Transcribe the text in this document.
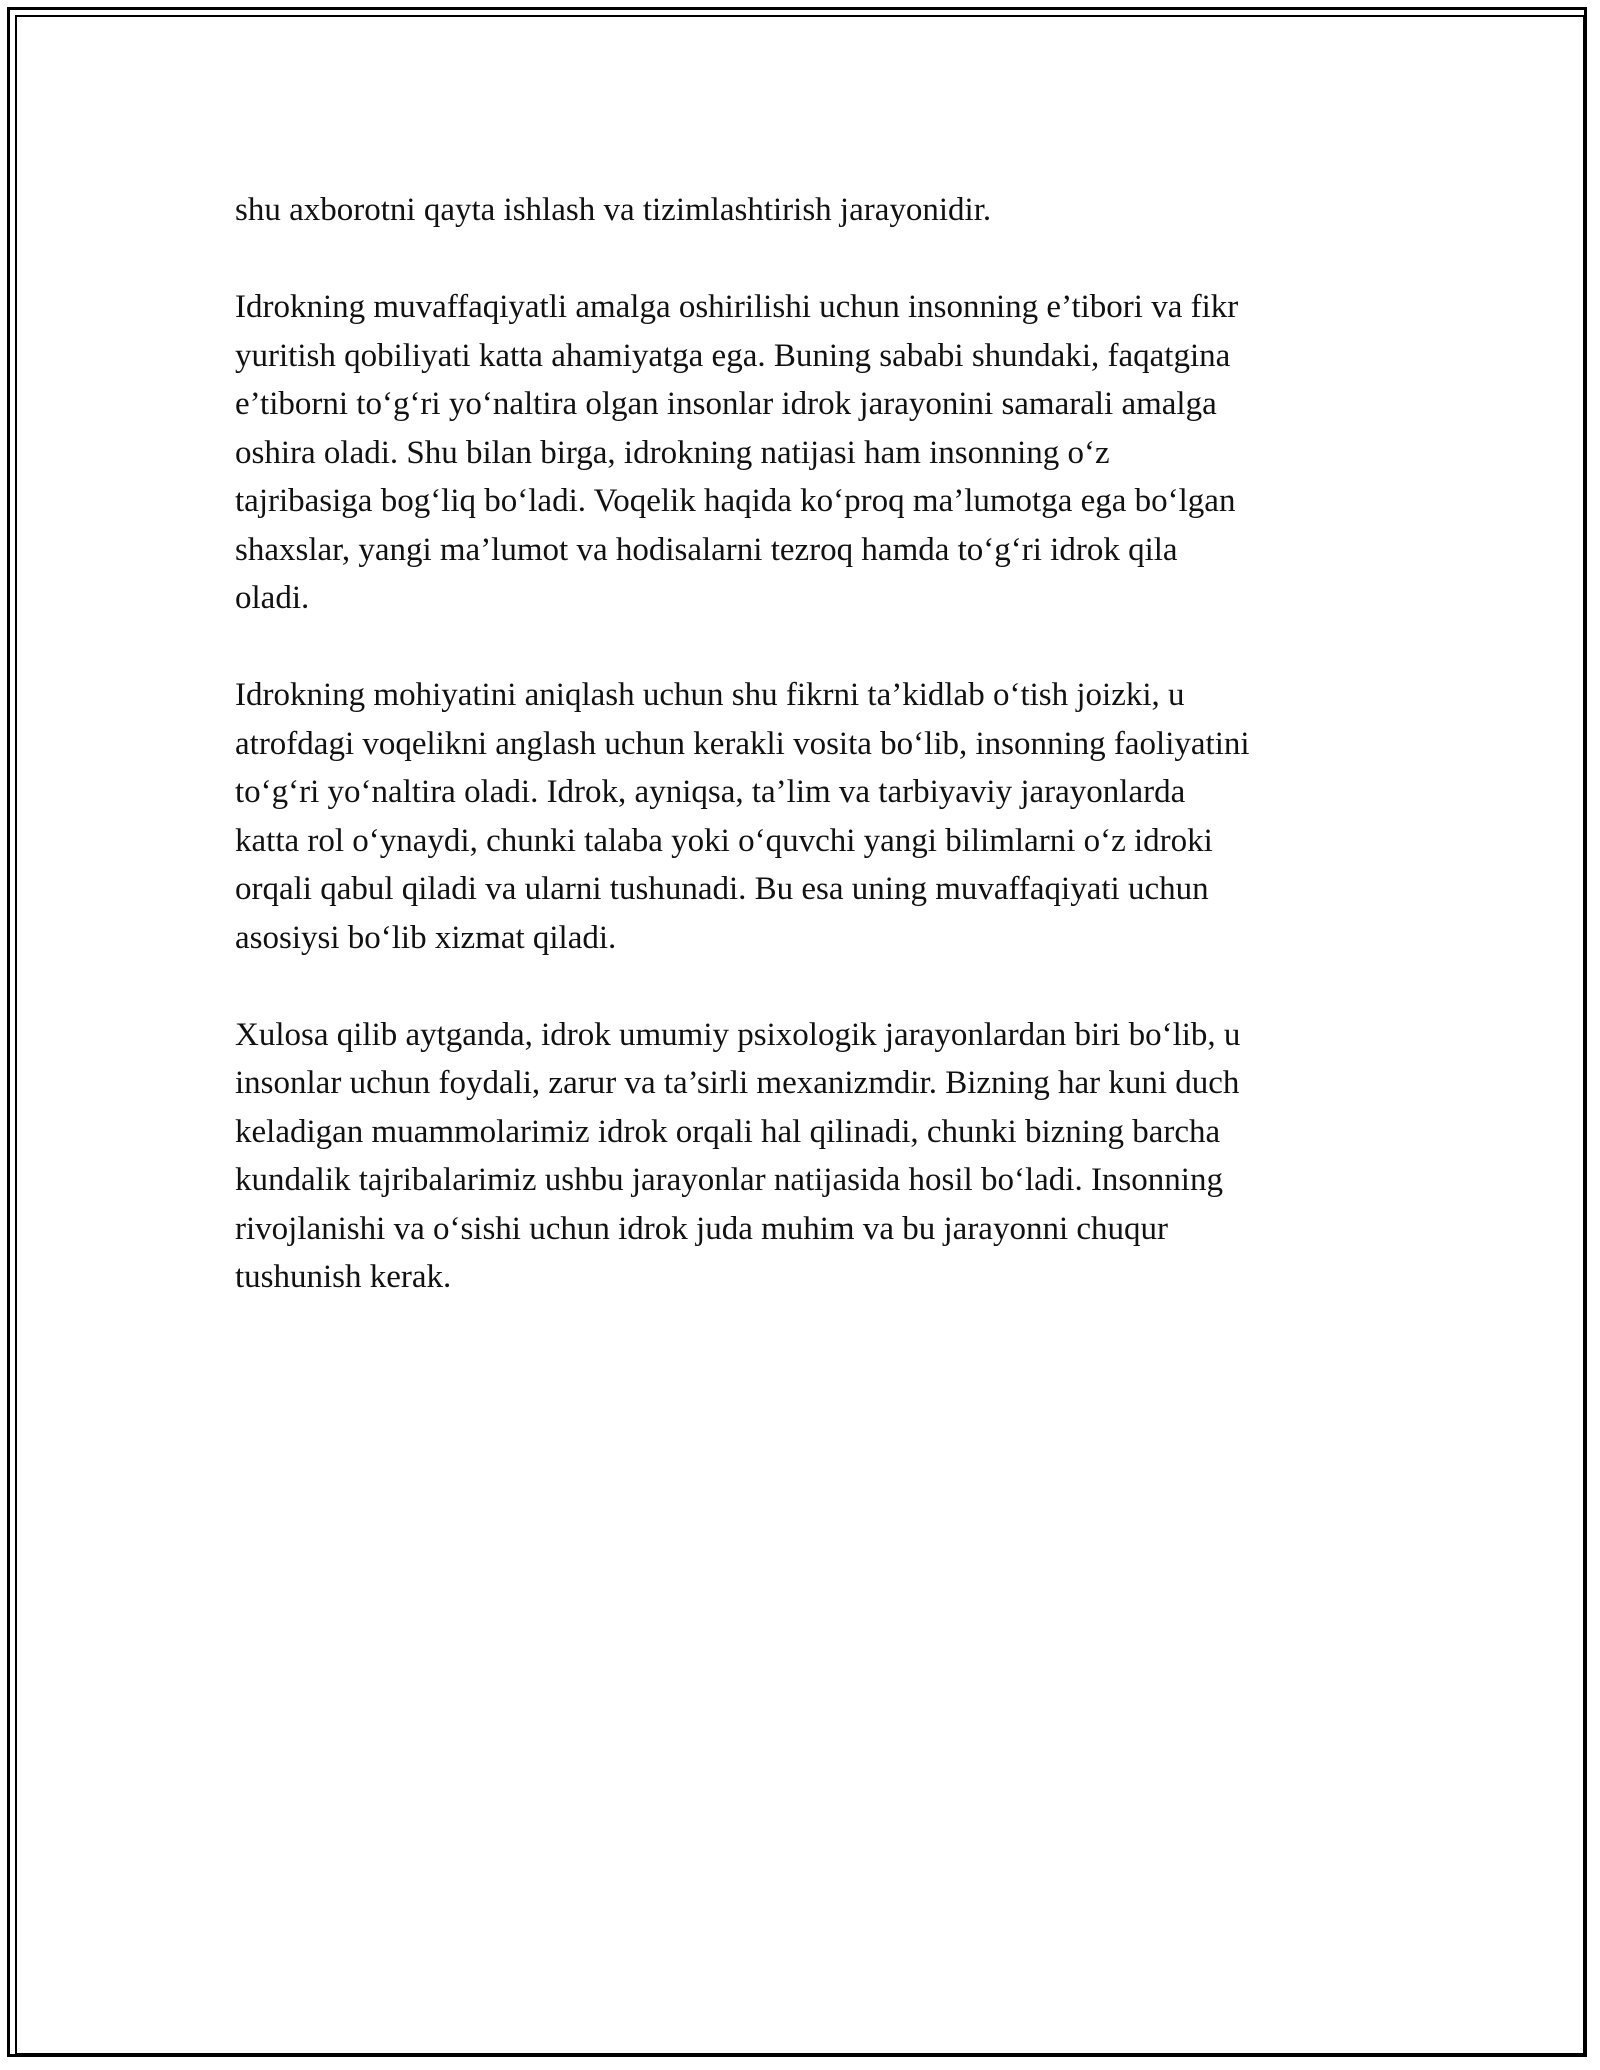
shu axborotni qayta ishlash va tizimlashtirish jarayonidir.

Idrokning muvaffaqiyatli amalga oshirilishi uchun insonning e’tibori va fikr
yuritish qobiliyati katta ahamiyatga ega. Buning sababi shundaki, faqatgina
e’tiborni to‘g‘ri yo‘naltira olgan insonlar idrok jarayonini samarali amalga
oshira oladi. Shu bilan birga, idrokning natijasi ham insonning o‘z
tajribasiga bog‘liq bo‘ladi. Voqelik haqida ko‘proq ma’lumotga ega bo‘lgan
shaxslar, yangi ma’lumot va hodisalarni tezroq hamda to‘g‘ri idrok qila
oladi.

Idrokning mohiyatini aniqlash uchun shu fikrni ta’kidlab o‘tish joizki, u
atrofdagi voqelikni anglash uchun kerakli vosita bo‘lib, insonning faoliyatini
to‘g‘ri yo‘naltira oladi. Idrok, ayniqsa, ta’lim va tarbiyaviy jarayonlarda
katta rol o‘ynaydi, chunki talaba yoki o‘quvchi yangi bilimlarni o‘z idroki
orqali qabul qiladi va ularni tushunadi. Bu esa uning muvaffaqiyati uchun
asosiysi bo‘lib xizmat qiladi.

Xulosa qilib aytganda, idrok umumiy psixologik jarayonlardan biri bo‘lib, u
insonlar uchun foydali, zarur va ta’sirli mexanizmdir. Bizning har kuni duch
keladigan muammolarimiz idrok orqali hal qilinadi, chunki bizning barcha
kundalik tajribalarimiz ushbu jarayonlar natijasida hosil bo‘ladi. Insonning
rivojlanishi va o‘sishi uchun idrok juda muhim va bu jarayonni chuqur
tushunish kerak.
